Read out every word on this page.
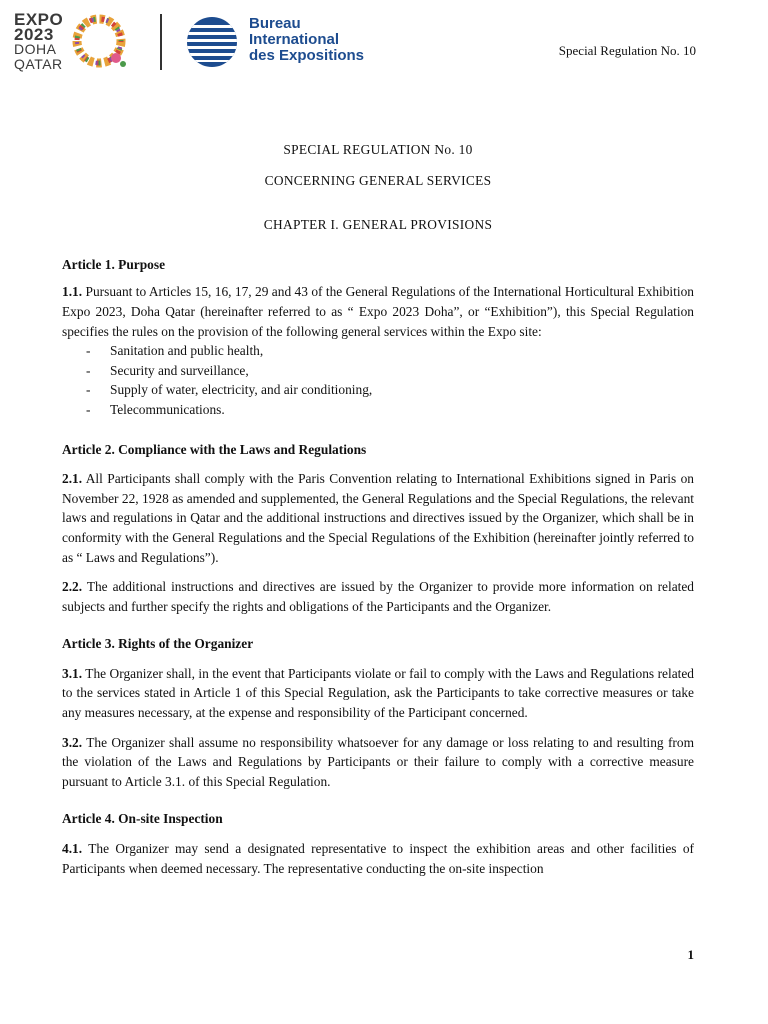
EXPO
2023
DOHA
QATAR
Bureau
International
des Expositions	Special Regulation No. 10
SPECIAL REGULATION No. 10
CONCERNING GENERAL SERVICES
CHAPTER I. GENERAL PROVISIONS
Article 1. Purpose

1.1. Pursuant to Articles 15, 16, 17, 29 and 43 of the General Regulations of the International Horticultural Exhibition Expo 2023, Doha Qatar (hereinafter referred to as “ Expo 2023 Doha”, or “Exhibition”), this Special Regulation specifies the rules on the provision of the following general services within the Expo site:

- Sanitation and public health,
- Security and surveillance,
- Supply of water, electricity, and air conditioning,
- Telecommunications.
Article 2. Compliance with the Laws and Regulations

2.1. All Participants shall comply with the Paris Convention relating to International Exhibitions signed in Paris on November 22, 1928 as amended and supplemented, the General Regulations and the Special Regulations, the relevant laws and regulations in Qatar and the additional instructions and directives issued by the Organizer, which shall be in conformity with the General Regulations and the Special Regulations of the Exhibition (hereinafter jointly referred to as “ Laws and Regulations”).

2.2. The additional instructions and directives are issued by the Organizer to provide more information on related subjects and further specify the rights and obligations of the Participants and the Organizer.

Article 3. Rights of the Organizer

3.1. The Organizer shall, in the event that Participants violate or fail to comply with the Laws and Regulations related to the services stated in Article 1 of this Special Regulation, ask the Participants to take corrective measures or take any measures necessary, at the expense and responsibility of the Participant concerned.

3.2. The Organizer shall assume no responsibility whatsoever for any damage or loss relating to and resulting from the violation of the Laws and Regulations by Participants or their failure to comply with a corrective measure pursuant to Article 3.1. of this Special Regulation.

Article 4. On-site Inspection

4.1. The Organizer may send a designated representative to inspect the exhibition areas and other facilities of Participants when deemed necessary. The representative conducting the on-site inspection

1
